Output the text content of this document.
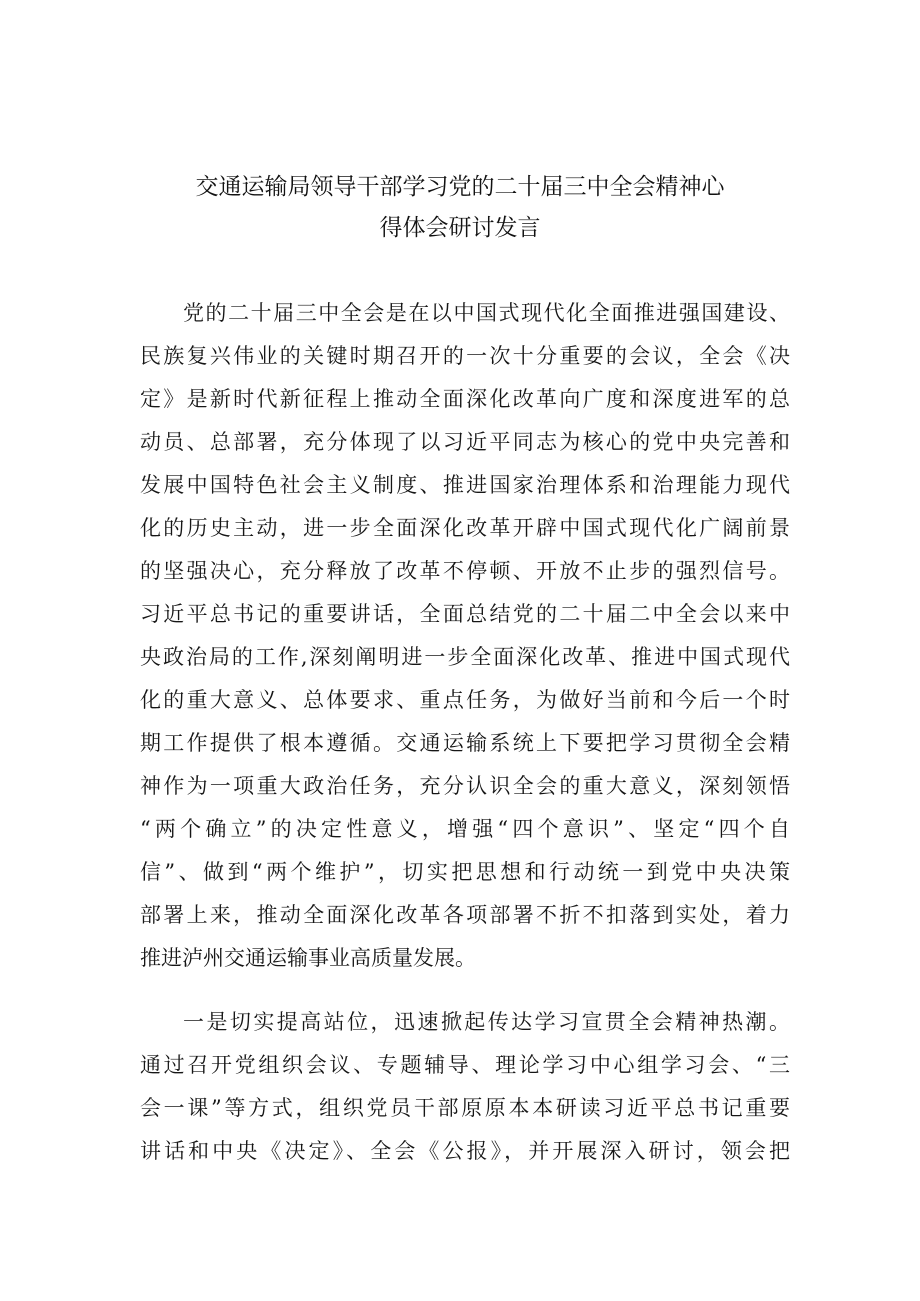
交通运输局领导干部学习党的二十届三中全会精神心
得体会研讨发言
党的二十届三中全会是在以中国式现代化全面推进强国建设、
民族复兴伟业的关键时期召开的一次十分重要的会议，全会《决
定》是新时代新征程上推动全面深化改革向广度和深度进军的总
动员、总部署，充分体现了以习近平同志为核心的党中央完善和
发展中国特色社会主义制度、推进国家治理体系和治理能力现代
化的历史主动，进一步全面深化改革开辟中国式现代化广阔前景
的坚强决心，充分释放了改革不停顿、开放不止步的强烈信号。
习近平总书记的重要讲话，全面总结党的二十届二中全会以来中
央政治局的工作,深刻阐明进一步全面深化改革、推进中国式现代
化的重大意义、总体要求、重点任务，为做好当前和今后一个时
期工作提供了根本遵循。交通运输系统上下要把学习贯彻全会精
神作为一项重大政治任务，充分认识全会的重大意义，深刻领悟
“两个确立”的决定性意义，增强“四个意识”、坚定“四个自
信”、做到“两个维护”，切实把思想和行动统一到党中央决策
部署上来，推动全面深化改革各项部署不折不扣落到实处，着力
推进泸州交通运输事业高质量发展。
一是切实提高站位，迅速掀起传达学习宣贯全会精神热潮。
通过召开党组织会议、专题辅导、理论学习中心组学习会、“三
会一课”等方式，组织党员干部原原本本研读习近平总书记重要
讲话和中央《决定》、全会《公报》，并开展深入研讨，领会把
